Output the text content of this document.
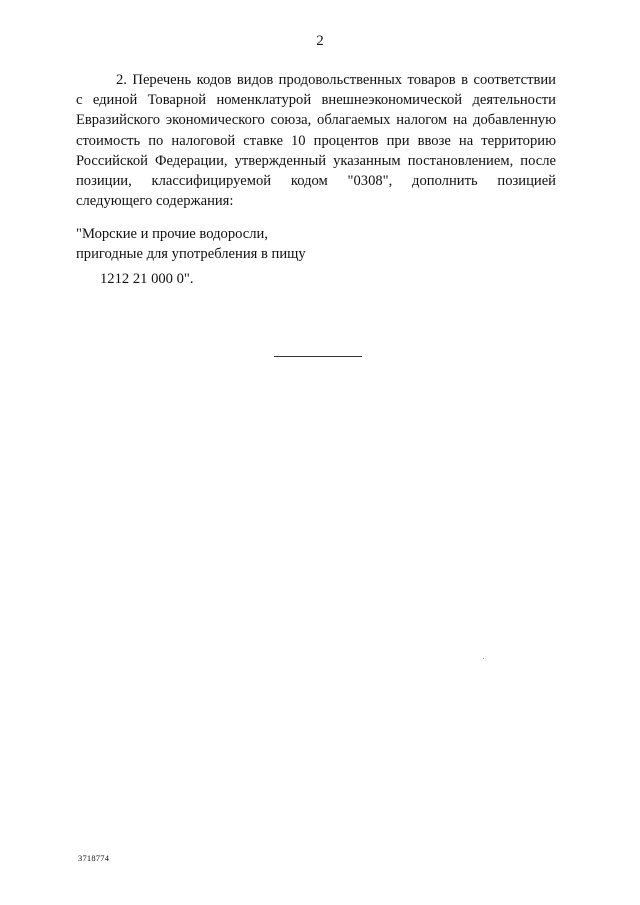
2
2. Перечень кодов видов продовольственных товаров в соответствии
с единой Товарной номенклатурой внешнеэкономической деятельности
Евразийского экономического союза, облагаемых налогом на добавленную
стоимость по налоговой ставке 10 процентов при ввозе на территорию
Российской Федерации, утвержденный указанным постановлением, после
позиции, классифицируемой кодом "0308", дополнить позицией
следующего содержания:
"Морские и прочие водоросли,
пригодные для употребления в пищу
1212 21 000 0".
3718774
